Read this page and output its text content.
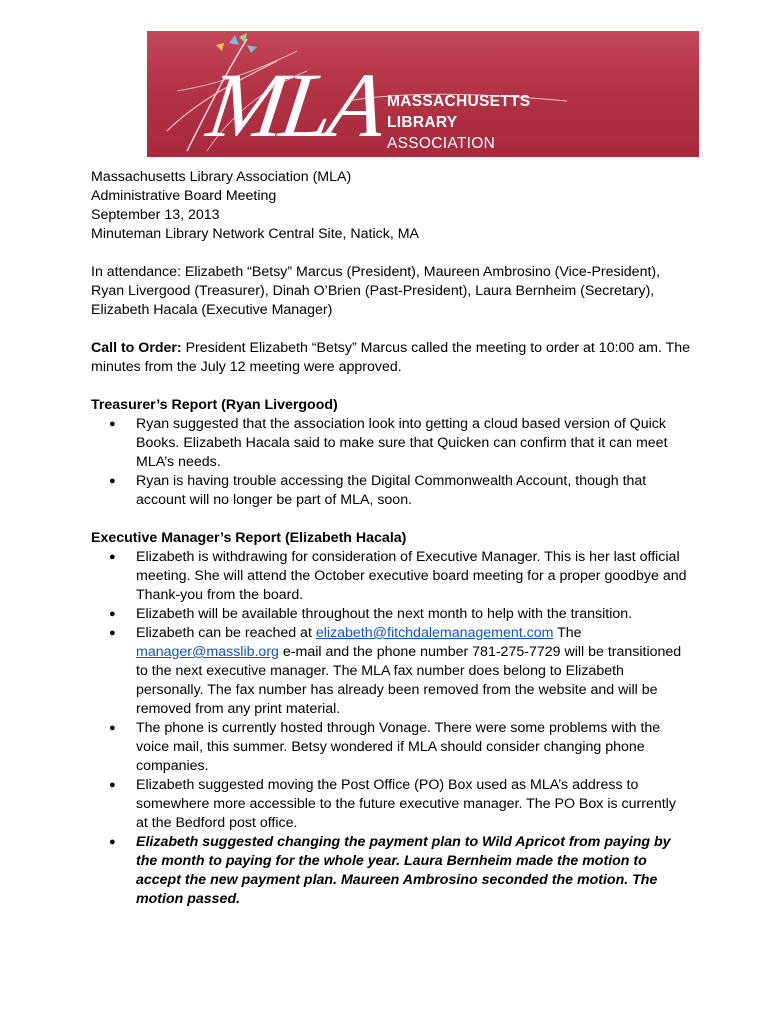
MLA
MASSACHUSETTS
LIBRARY
ASSOCIATION

Massachusetts Library Association (MLA)

Administrative Board Meeting

September 13, 2013

Minuteman Library Network Central Site, Natick, MA

In attendance: Elizabeth “Betsy” Marcus (President), Maureen Ambrosino (Vice-President), Ryan Livergood (Treasurer), Dinah O’Brien (Past-President), Laura Bernheim (Secretary), Elizabeth Hacala (Executive Manager)

Call to Order: President Elizabeth “Betsy” Marcus called the meeting to order at 10:00 am. The minutes from the July 12 meeting were approved.

Treasurer’s Report (Ryan Livergood)
● Ryan suggested that the association look into getting a cloud based version of Quick Books. Elizabeth Hacala said to make sure that Quicken can confirm that it can meet MLA’s needs.
● Ryan is having trouble accessing the Digital Commonwealth Account, though that account will no longer be part of MLA, soon.
Executive Manager’s Report (Elizabeth Hacala)
● Elizabeth is withdrawing for consideration of Executive Manager. This is her last official meeting. She will attend the October executive board meeting for a proper goodbye and Thank-you from the board.
● Elizabeth will be available throughout the next month to help with the transition.
● Elizabeth can be reached at elizabeth@fitchdalemanagement.com The manager@masslib.org e-mail and the phone number 781-275-7729 will be transitioned to the next executive manager. The MLA fax number does belong to Elizabeth personally. The fax number has already been removed from the website and will be removed from any print material.
● The phone is currently hosted through Vonage. There were some problems with the voice mail, this summer. Betsy wondered if MLA should consider changing phone companies.
● Elizabeth suggested moving the Post Office (PO) Box used as MLA’s address to somewhere more accessible to the future executive manager. The PO Box is currently at the Bedford post office.
● Elizabeth suggested changing the payment plan to Wild Apricot from paying by the month to paying for the whole year. Laura Bernheim made the motion to accept the new payment plan. Maureen Ambrosino seconded the motion. The motion passed.
